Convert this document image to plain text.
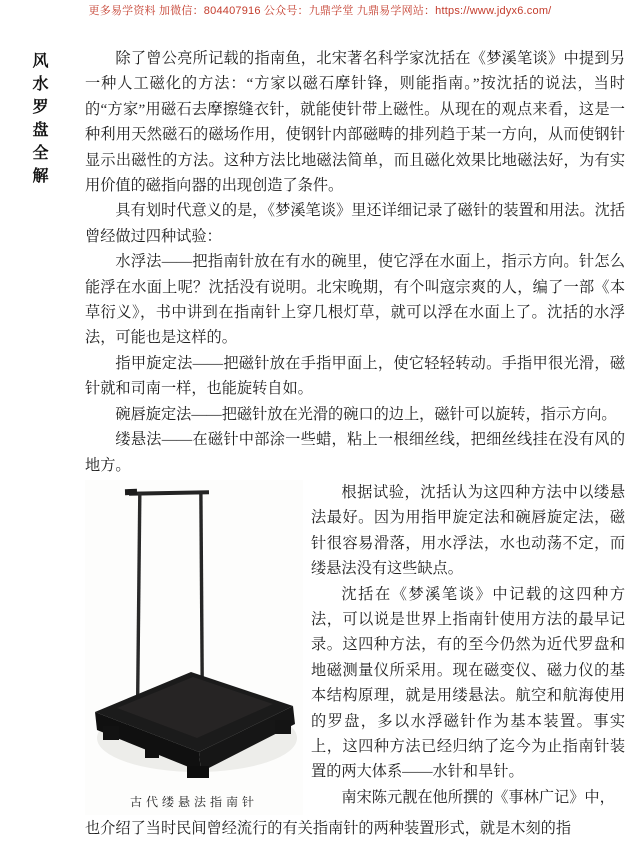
更多易学资料 加微信：804407916 公众号：九鼎学堂 九鼎易学网站：https://www.jdyx6.com/
风水罗盘全解	除了曾公亮所记载的指南鱼，北宋著名科学家沈括在《梦溪笔谈》中提到另一种人工磁化的方法：“方家以磁石摩针锋，则能指南。”按沈括的说法，当时的“方家”用磁石去摩擦缝衣针，就能使针带上磁性。从现在的观点来看，这是一种利用天然磁石的磁场作用，使钢针内部磁畴的排列趋于某一方向，从而使钢针显示出磁性的方法。这种方法比地磁法简单，而且磁化效果比地磁法好，为有实用价值的磁指向器的出现创造了条件。

具有划时代意义的是，《梦溪笔谈》里还详细记录了磁针的装置和用法。沈括曾经做过四种试验：

水浮法——把指南针放在有水的碗里，使它浮在水面上，指示方向。针怎么能浮在水面上呢？沈括没有说明。北宋晚期，有个叫寇宗爽的人，编了一部《本草衍义》，书中讲到在指南针上穿几根灯草，就可以浮在水面上了。沈括的水浮法，可能也是这样的。

指甲旋定法——把磁针放在手指甲面上，使它轻轻转动。手指甲很光滑，磁针就和司南一样，也能旋转自如。

碗唇旋定法——把磁针放在光滑的碗口的边上，磁针可以旋转，指示方向。

缕悬法——在磁针中部涂一些蜡，粘上一根细丝线，把细丝线挂在没有风的地方。

古代缕悬法指南针

根据试验，沈括认为这四种方法中以缕悬法最好。因为用指甲旋定法和碗唇旋定法，磁针很容易滑落，用水浮法，水也动荡不定，而缕悬法没有这些缺点。

沈括在《梦溪笔谈》中记载的这四种方法，可以说是世界上指南针使用方法的最早记录。这四种方法，有的至今仍然为近代罗盘和地磁测量仪所采用。现在磁变仪、磁力仪的基本结构原理，就是用缕悬法。航空和航海使用的罗盘，多以水浮磁针作为基本装置。事实上，这四种方法已经归纳了迄今为止指南针装置的两大体系——水针和旱针。

南宋陈元靓在他所撰的《事林广记》中，

也介绍了当时民间曾经流行的有关指南针的两种装置形式，就是木刻的指
